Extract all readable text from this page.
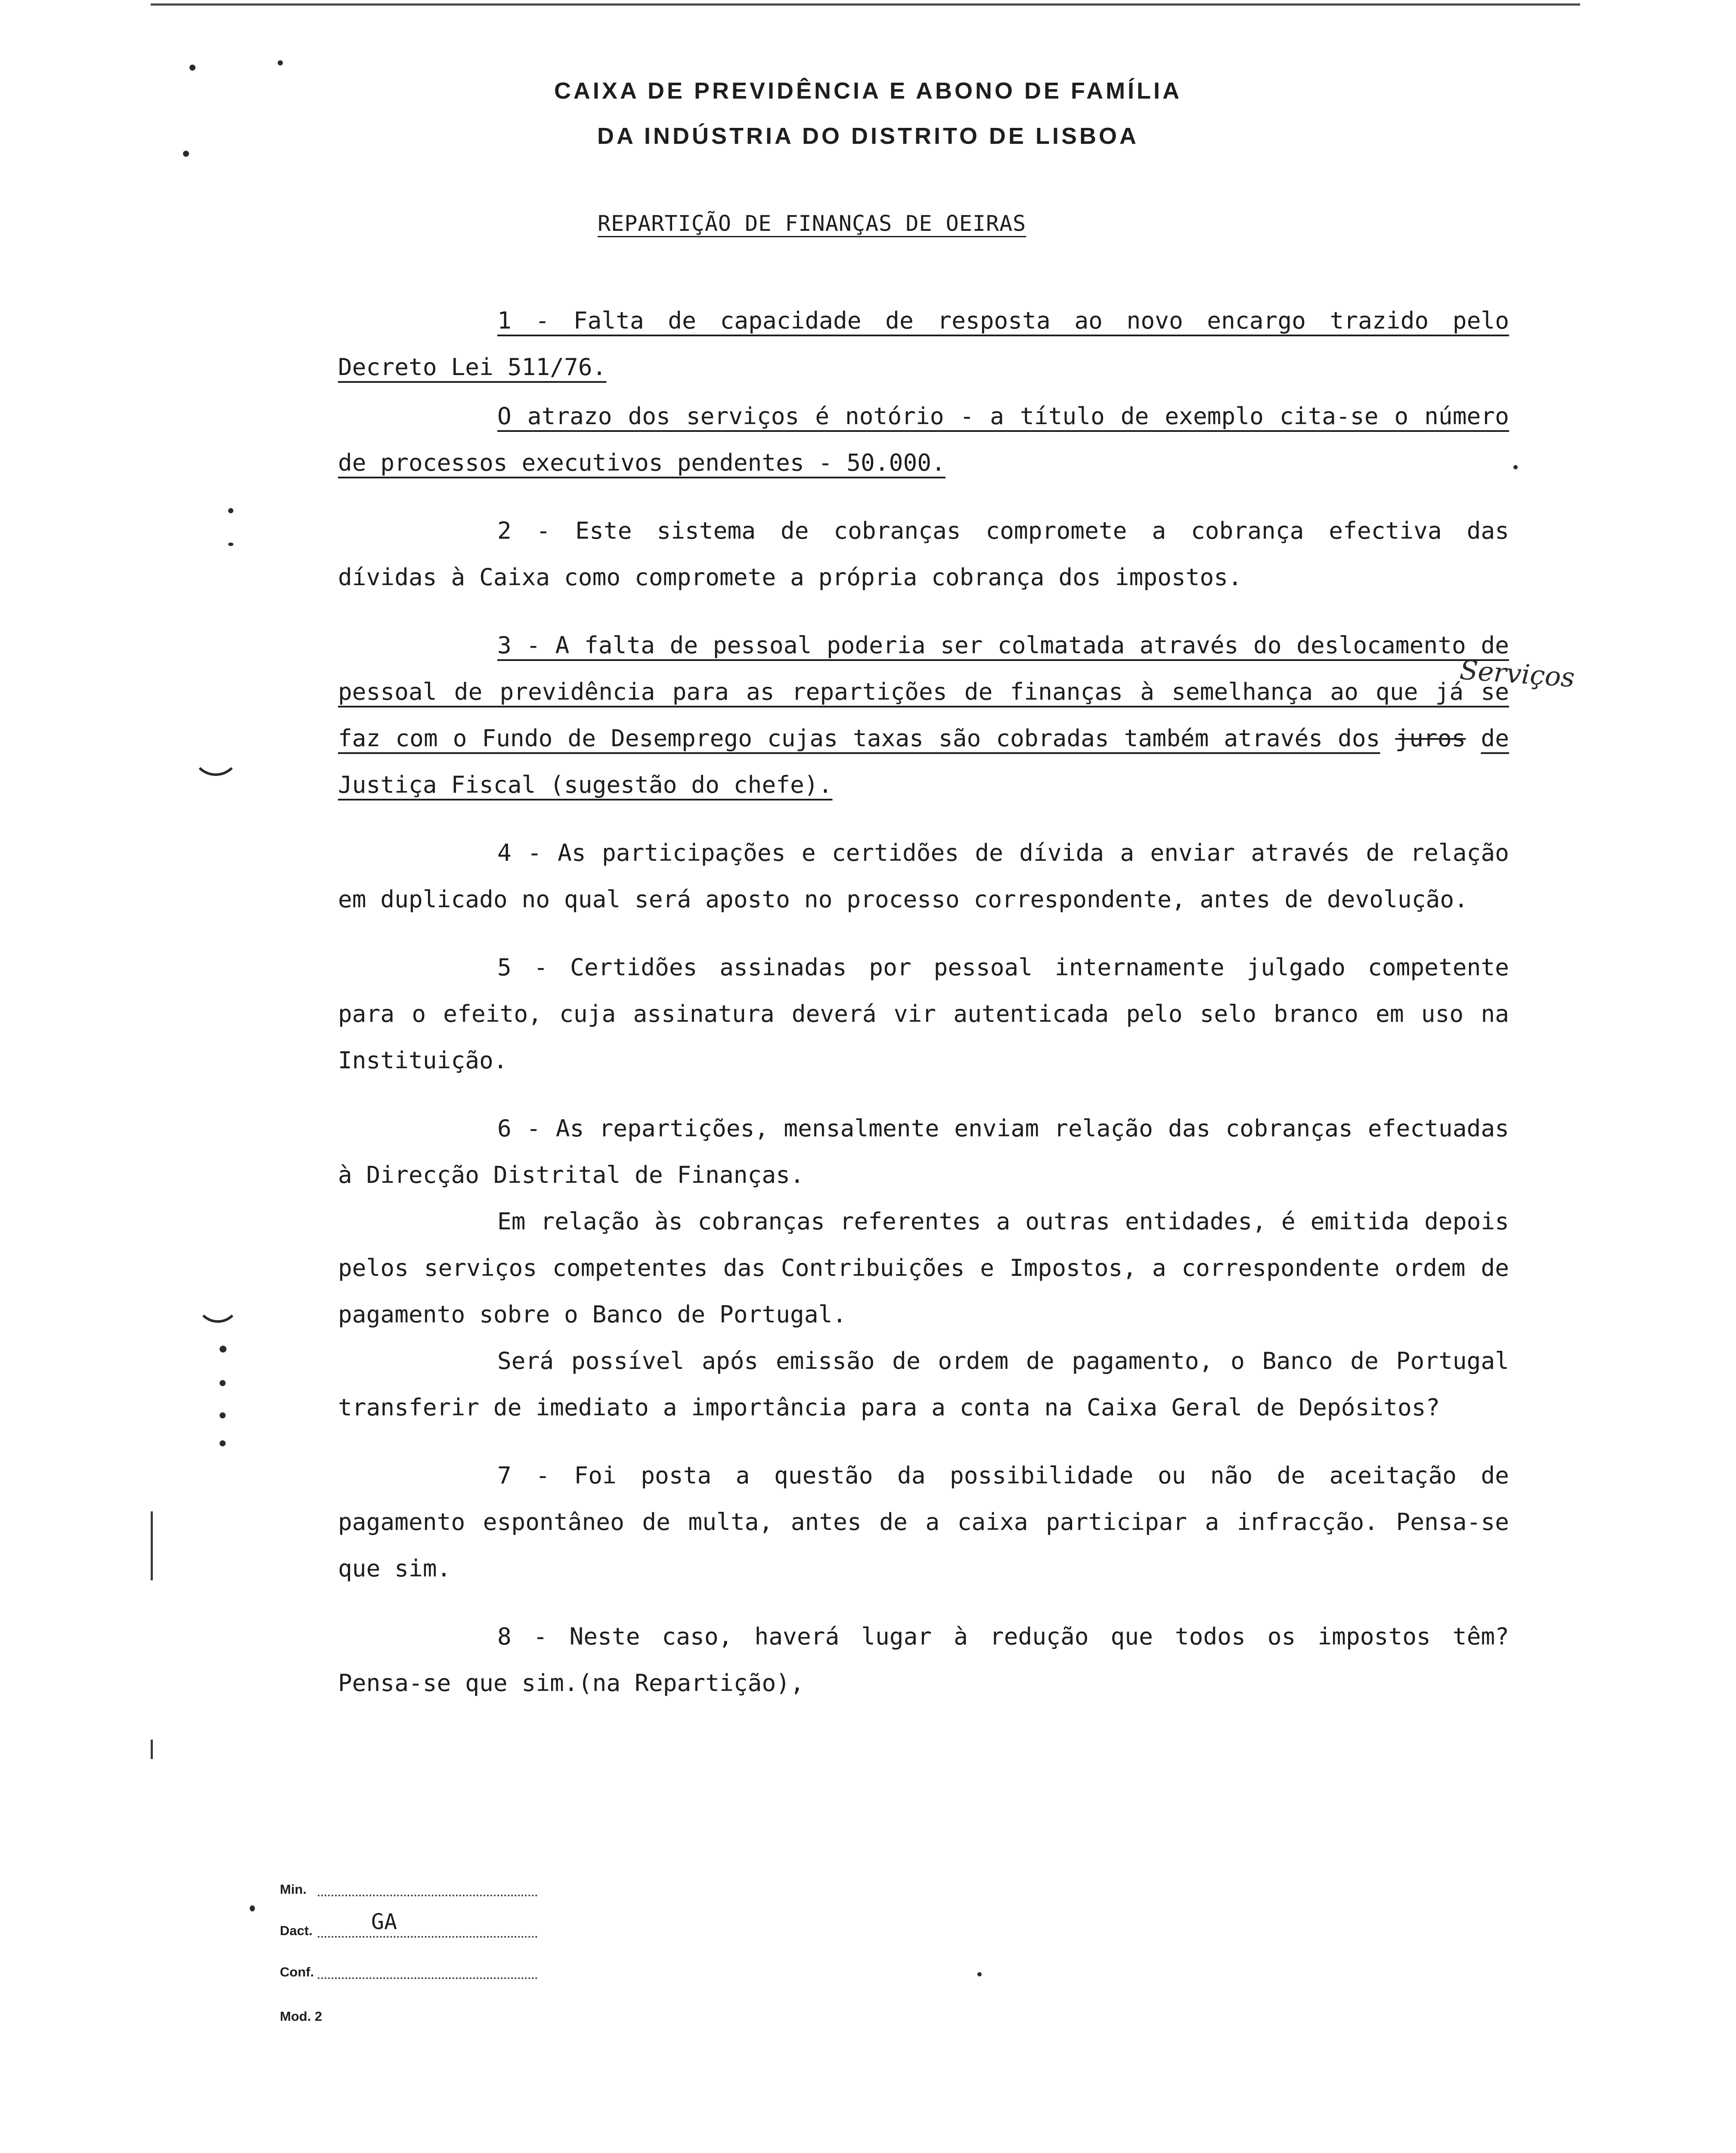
CAIXA DE PREVIDÊNCIA E ABONO DE FAMÍLIA
DA INDÚSTRIA DO DISTRITO DE LISBOA
REPARTIÇÃO DE FINANÇAS DE OEIRAS

1 - Falta de capacidade de resposta ao novo encargo trazido pelo Decreto Lei 511/76.

O atrazo dos serviços é notório - a título de exemplo cita-se o número de processos executivos pendentes - 50.000.

2 - Este sistema de cobranças compromete a cobrança efectiva das dívidas à Caixa como compromete a própria cobrança dos impostos.

3 - A falta de pessoal poderia ser colmatada através do deslocamento de pessoal de previdência para as repartições de finanças à semelhança ao que já se faz com o Fundo de Desemprego cujas taxas são cobradas também através dos juros de Justiça Fiscal (sugestão do chefe).

4 - As participações e certidões de dívida a enviar através de relação em duplicado no qual será aposto no processo correspondente, antes de devolução.

5 - Certidões assinadas por pessoal internamente julgado competente para o efeito, cuja assinatura deverá vir autenticada pelo selo branco em uso na Instituição.

6 - As repartições, mensalmente enviam relação das cobranças efectuadas à Direcção Distrital de Finanças.

Em relação às cobranças referentes a outras entidades, é emitida depois pelos serviços competentes das Contribuições e Impostos, a correspondente ordem de pagamento sobre o Banco de Portugal.

Será possível após emissão de ordem de pagamento, o Banco de Portugal transferir de imediato a importância para a conta na Caixa Geral de Depósitos?

7 - Foi posta a questão da possibilidade ou não de aceitação de pagamento espontâneo de multa, antes de a caixa participar a infracção. Pensa-se que sim.

8 - Neste caso, haverá lugar à redução que todos os impostos têm? Pensa-se que sim.(na Repartição),

Serviços
Min.
Dact.	GA
Conf.
Mod. 2
